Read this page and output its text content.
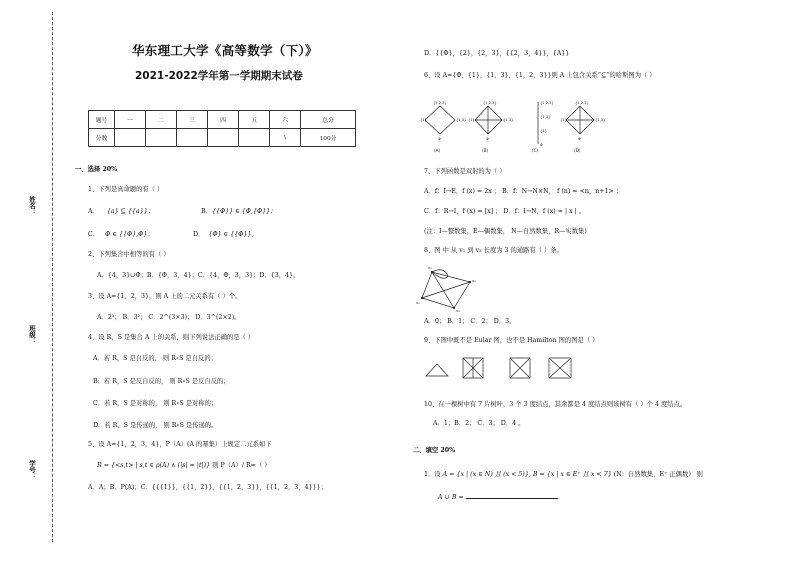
姓名：
班级：
学号：
华东理工大学《高等数学（下）》
2021-2022学年第一学期期末试卷
题号	一	二	三	四	五	六	总分
分数						\	100分
一、选择 20%
1、下列是真命题的有（ ）
A． {a} ⊆ {{a}}；	B．{{Φ}} ∈ {Φ,{Φ}}；
C． Φ ∈ {{Φ},Φ}；	D． {Φ} ∈ {{Φ}}。
2、下列集合中相等的有（ ）
A．{4，3}∪Φ；B．{Φ，3，4}；C．{4，Φ，3，3}；D．{3，4}。
3、设 A={1，2，3}，则 A 上的二元关系有（ ）个。
A．2³； B．3²； C．2^(3×3)； D．3^(2×2)。
4、设 R，S 是集合 A 上的关系，则下列说法正确的是（ ）
A．若 R，S 是自反的， 则 R∘S 是自反的；
B．若 R，S 是反自反的， 则 R∘S 是反自反的；
C．若 R，S 是对称的， 则 R∘S 是对称的；
D．若 R，S 是传递的， 则 R∘S 是传递的。
5、设 A={1，2，3，4}，P（A）(A 的幂集）上规定二元系如下
R = {<s,t> | s,t ∈ ρ(A) ∧ (|s| = |t|)} 则 P（A）/ R=（ ）
A．A；B．P(A)；C．{{{1}}，{{1，2}}，{{1，2，3}}，{{1，2，3，4}}}；
D．{{Φ}，{2}，{2，3}，{{2，3，4}}，{A}}
6、设 A={Φ，{1}，{1，3}，{1，2，3}}则 A 上包含关系“⊆”的哈斯图为（ ）
{1,2,3}
{1}	{1,3}
{1,2,3}
{1}	{1,3}
{1,2,3}
{1,3}
{1}
{1,2,3}
{1}	{1,3}
Φ	Φ
Φ
Φ
(A)	(B)	(C)	(D)
7、下列函数是双射的为（ ）
A．f：I→E，f (x) = 2x ； B．f：N→N×N， f (n) = <n，n+1> ；
C．f：R→I，f (x) = [x] ； D．f：I→N，f (x) = | x | 。
(注：I—整数集，E—偶数集， N—自然数集，R—实数集)
8、图 中 从 v₁ 到 v₃ 长度为 3 的通路有（ ）条。
v₁
v₂
v₃
v₄
A．0； B．1； C．2； D．3。
9、下图中既不是 Eular 图，也不是 Hamilton 图的图是（ ）
10、在一棵树中有 7 片树叶，3 个 3 度结点，其余都是 4 度结点则该树有（ ）个 4 度结点。
A．1；B．2； C．3； D．4 。
二、填空 20%
1．设 A = {x | (x ∈ N) 且 (x < 5)}, B = {x | x ∈ E⁺ 且 x < 7} (N：自然数集，E⁺ 正偶数） 则
A ∪ B =
